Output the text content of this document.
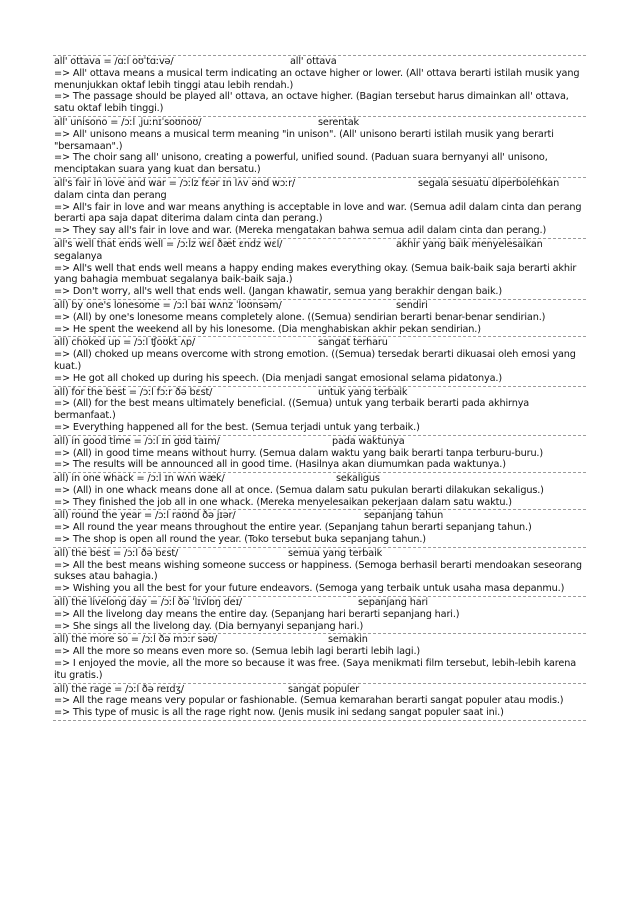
all' ottava = /ɑːl oʊˈtɑːvə/	all' ottava
=> All' ottava means a musical term indicating an octave higher or lower. (All' ottava berarti istilah musik yang menunjukkan oktaf lebih tinggi atau lebih rendah.)
=> The passage should be played all' ottava, an octave higher. (Bagian tersebut harus dimainkan all' ottava, satu oktaf lebih tinggi.)
all' unisono = /ɔːl ˌjuːnɪˈsoʊnoʊ/	serentak
=> All' unisono means a musical term meaning "in unison". (All' unisono berarti istilah musik yang berarti "bersamaan".)
=> The choir sang all' unisono, creating a powerful, unified sound. (Paduan suara bernyanyi all' unisono, menciptakan suara yang kuat dan bersatu.)
all's fair in love and war = /ɔːlz fεər ɪn lʌv ənd wɔːr/	segala sesuatu diperbolehkan dalam cinta dan perang
=> All's fair in love and war means anything is acceptable in love and war. (Semua adil dalam cinta dan perang berarti apa saja dapat diterima dalam cinta dan perang.)
=> They say all's fair in love and war. (Mereka mengatakan bahwa semua adil dalam cinta dan perang.)
all's well that ends well = /ɔːlz wεl ðæt εndz wεl/	akhir yang baik menyelesaikan segalanya
=> All's well that ends well means a happy ending makes everything okay. (Semua baik-baik saja berarti akhir yang bahagia membuat segalanya baik-baik saja.)
=> Don't worry, all's well that ends well. (Jangan khawatir, semua yang berakhir dengan baik.)
all) by one's lonesome = /ɔːl baɪ wʌnz ˈloʊnsəm/	sendiri
=> (All) by one's lonesome means completely alone. ((Semua) sendirian berarti benar-benar sendirian.)
=> He spent the weekend all by his lonesome. (Dia menghabiskan akhir pekan sendirian.)
all) choked up = /ɔːl ʧoʊkt ʌp/	sangat terharu
=> (All) choked up means overcome with strong emotion. ((Semua) tersedak berarti dikuasai oleh emosi yang kuat.)
=> He got all choked up during his speech. (Dia menjadi sangat emosional selama pidatonya.)
all) for the best = /ɔːl fɔːr ðə bεst/	untuk yang terbaik
=> (All) for the best means ultimately beneficial. ((Semua) untuk yang terbaik berarti pada akhirnya bermanfaat.)
=> Everything happened all for the best. (Semua terjadi untuk yang terbaik.)
all) in good time = /ɔːl ɪn gʊd taɪm/	pada waktunya
=> (All) in good time means without hurry. (Semua dalam waktu yang baik berarti tanpa terburu-buru.)
=> The results will be announced all in good time. (Hasilnya akan diumumkan pada waktunya.)
all) in one whack = /ɔːl ɪn wʌn wæk/	sekaligus
=> (All) in one whack means done all at once. (Semua dalam satu pukulan berarti dilakukan sekaligus.)
=> They finished the job all in one whack. (Mereka menyelesaikan pekerjaan dalam satu waktu.)
all) round the year = /ɔːl raʊnd ðə jɪər/	sepanjang tahun
=> All round the year means throughout the entire year. (Sepanjang tahun berarti sepanjang tahun.)
=> The shop is open all round the year. (Toko tersebut buka sepanjang tahun.)
all) the best = /ɔːl ðə bεst/	semua yang terbaik
=> All the best means wishing someone success or happiness. (Semoga berhasil berarti mendoakan seseorang sukses atau bahagia.)
=> Wishing you all the best for your future endeavors. (Semoga yang terbaik untuk usaha masa depanmu.)
all) the livelong day = /ɔːl ðə ˈlɪvlɒŋ deɪ/	sepanjang hari
=> All the livelong day means the entire day. (Sepanjang hari berarti sepanjang hari.)
=> She sings all the livelong day. (Dia bernyanyi sepanjang hari.)
all) the more so = /ɔːl ðə mɔːr səʊ/	semakin
=> All the more so means even more so. (Semua lebih lagi berarti lebih lagi.)
=> I enjoyed the movie, all the more so because it was free. (Saya menikmati film tersebut, lebih-lebih karena itu gratis.)
all) the rage = /ɔːl ðə reɪdʒ/	sangat populer
=> All the rage means very popular or fashionable. (Semua kemarahan berarti sangat populer atau modis.)
=> This type of music is all the rage right now. (Jenis musik ini sedang sangat populer saat ini.)
